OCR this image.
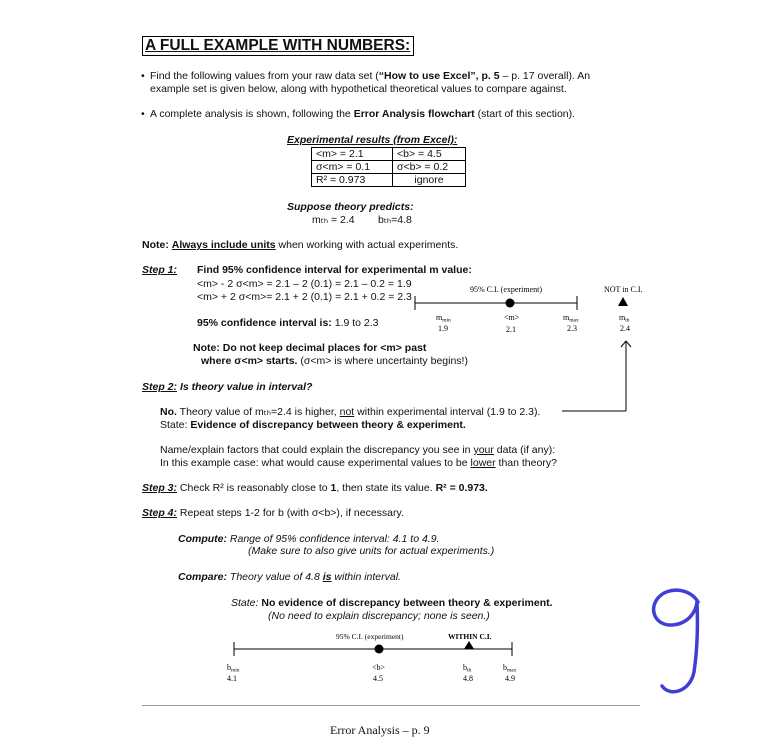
A FULL EXAMPLE WITH NUMBERS:
• Find the following values from your raw data set (“How to use Excel”, p. 5 – p. 17 overall). An
example set is given below, along with hypothetical theoretical values to compare against.
• A complete analysis is shown, following the Error Analysis flowchart (start of this section).
Experimental results (from Excel):
<m> = 2.1	<b> = 4.5
σ<m> = 0.1	σ<b> = 0.2
R² = 0.973	ignore
Suppose theory predicts:
mₜₕ = 2.4        bₜₕ=4.8
Note: Always include units when working with actual experiments.
Step 1: Find 95% confidence interval for experimental m value:
<m> - 2 σ<m> = 2.1 – 2 (0.1) = 2.1 – 0.2 = 1.9
<m> + 2 σ<m>= 2.1 + 2 (0.1) = 2.1 + 0.2 = 2.3
95% confidence interval is: 1.9 to 2.3
Note: Do not keep decimal places for <m> past
where σ<m> starts. (σ<m> is where uncertainty begins!)
95% C.I. (experiment)	NOT in C.I.
mmin
1.9
<m>
2.1
mmax
2.3
mth
2.4
Step 2: Is theory value in interval?
No. Theory value of mₜₕ=2.4 is higher, not within experimental interval (1.9 to 2.3).
State: Evidence of discrepancy between theory & experiment.
Name/explain factors that could explain the discrepancy you see in your data (if any):
In this example case: what would cause experimental values to be lower than theory?
Step 3: Check R² is reasonably close to 1, then state its value. R² = 0.973.
Step 4: Repeat steps 1-2 for b (with σ<b>), if necessary.
Compute: Range of 95% confidence interval: 4.1 to 4.9.
(Make sure to also give units for actual experiments.)
Compare: Theory value of 4.8 is within interval.
State: No evidence of discrepancy between theory & experiment.
(No need to explain discrepancy; none is seen.)
95% C.I. (experiment)	WITHIN C.I.
bmin
4.1
<b>
4.5
bth
4.8
bmax
4.9
Error Analysis – p. 9
